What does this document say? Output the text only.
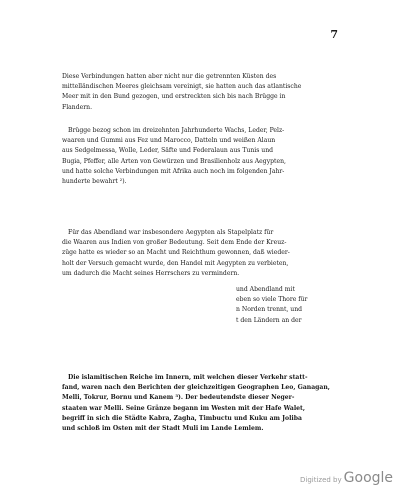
7
Diese Verbindungen hatten aber nicht nur die getrennten Küsten des
mittelländischen Meeres gleichsam vereinigt, sie hatten auch das atlantische
Meer mit in den Bund gezogen, und erstreckten sich bis nach Brügge in
Flandern.
Brügge bezog schon im dreizehnten Jahrhunderte Wachs, Leder, Pelz-
waaren und Gummi aus Fez und Marocco, Datteln und weißen Alaun
aus Sedgelmessa, Wolle, Leder, Säfte und Federalaun aus Tunis und
Bugia, Pfeffer, alle Arten von Gewürzen und Brasilienholz aus Aegypten,
und hatte solche Verbindungen mit Afrika auch noch im folgenden Jahr-
hunderte bewahrt ²).
Für das Abendland war insbesondere Aegypten als Stapelplatz für
die Waaren aus Indien von großer Bedeutung. Seit dem Ende der Kreuz-
züge hatte es wieder so an Macht und Reichthum gewonnen, daß wieder-
holt der Versuch gemacht wurde, den Handel mit Aegypten zu verbieten,
um dadurch die Macht seines Herrschers zu vermindern.
und Abendland mit
eben so viele Thore für
n Norden trennt, und
t den Ländern an der
Die islamitischen Reiche im Innern, mit welchen dieser Verkehr statt-
fand, waren nach den Berichten der gleichzeitigen Geographen Leo, Ganagan,
Melli, Tokrur, Bornu und Kanem ³). Der bedeutendste dieser Neger-
staaten war Melli. Seine Gränze begann im Westen mit der Hafe Walet,
begriff in sich die Städte Kabra, Zagha, Timbuctu und Kuku am Joliba
und schloß im Osten mit der Stadt Muli im Lande Lemlem.
Digitized by Google
